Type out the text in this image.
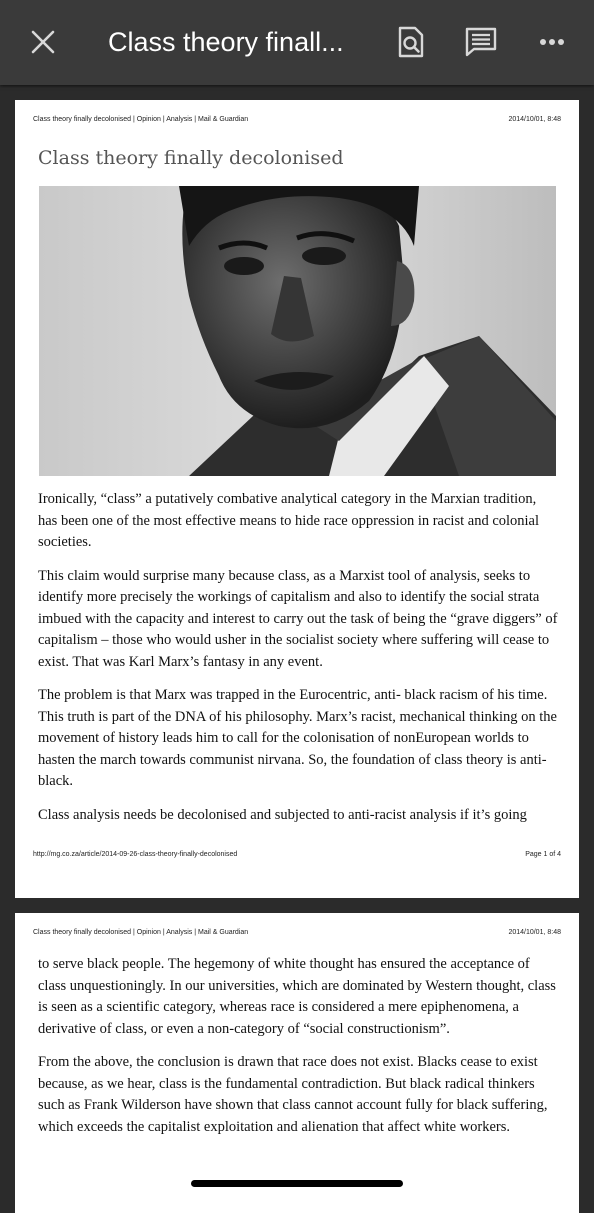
Class theory finall...
Class theory finally decolonised | Opinion | Analysis | Mail & Guardian	2014/10/01, 8:48
Class theory finally decolonised

Ironically, “class” a putatively combative analytical category in the Marxian tradition, has been one of the most effective means to hide race oppression in racist and colonial societies.

This claim would surprise many because class, as a Marxist tool of analysis, seeks to identify more precisely the workings of capitalism and also to identify the social strata imbued with the capacity and interest to carry out the task of being the “grave diggers” of capitalism – those who would usher in the socialist society where suffering will cease to exist. That was Karl Marx’s fantasy in any event.

The problem is that Marx was trapped in the Eurocentric, anti- black racism of his time. This truth is part of the DNA of his philosophy. Marx’s racist, mechanical thinking on the movement of history leads him to call for the colonisation of nonEuropean worlds to hasten the march towards communist nirvana. So, the foundation of class theory is anti-black.

Class analysis needs be decolonised and subjected to anti-racist analysis if it’s going

http://mg.co.za/article/2014-09-26-class-theory-finally-decolonised	Page 1 of 4
Class theory finally decolonised | Opinion | Analysis | Mail & Guardian	2014/10/01, 8:48

to serve black people. The hegemony of white thought has ensured the acceptance of class unquestioningly. In our universities, which are dominated by Western thought, class is seen as a scientific category, whereas race is considered a mere epiphenomena, a derivative of class, or even a non-category of “social constructionism”.

From the above, the conclusion is drawn that race does not exist. Blacks cease to exist because, as we hear, class is the fundamental contradiction. But black radical thinkers such as Frank Wilderson have shown that class cannot account fully for black suffering, which exceeds the capitalist exploitation and alienation that affect white workers.
